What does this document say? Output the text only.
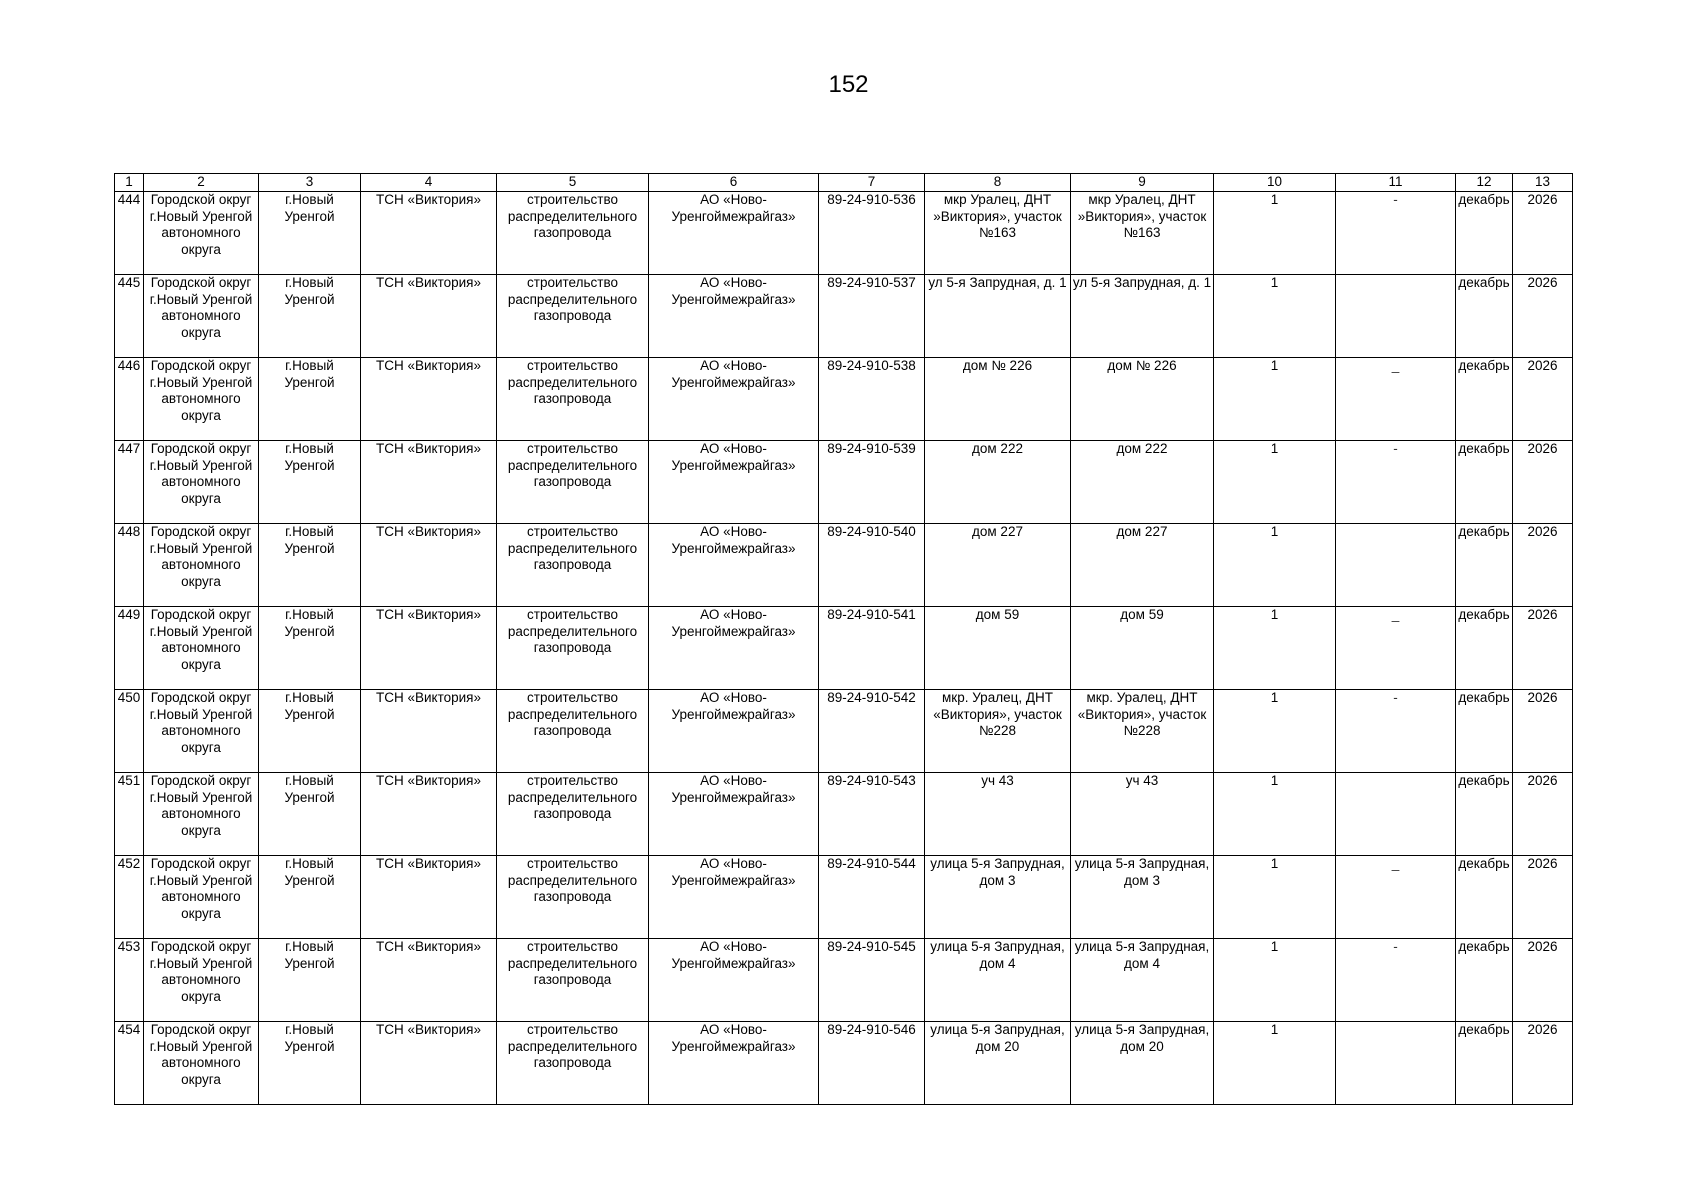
152
1	2	3	4	5	6	7	8	9	10	11	12	13
444	Городской округ г.Новый Уренгой автономного округа	г.Новый Уренгой	ТСН «Виктория»	строительство распределительного газопровода	АО «Ново-Уренгоймежрайгаз»	89-24-910-536	мкр Уралец, ДНТ »Виктория», участок №163	мкр Уралец, ДНТ »Виктория», участок №163	1	-	декабрь	2026
445	Городской округ г.Новый Уренгой автономного округа	г.Новый Уренгой	ТСН «Виктория»	строительство распределительного газопровода	АО «Ново-Уренгоймежрайгаз»	89-24-910-537	ул 5-я Запрудная, д. 1	ул 5-я Запрудная, д. 1	1		декабрь	2026
446	Городской округ г.Новый Уренгой автономного округа	г.Новый Уренгой	ТСН «Виктория»	строительство распределительного газопровода	АО «Ново-Уренгоймежрайгаз»	89-24-910-538	дом № 226	дом № 226	1	_	декабрь	2026
447	Городской округ г.Новый Уренгой автономного округа	г.Новый Уренгой	ТСН «Виктория»	строительство распределительного газопровода	АО «Ново-Уренгоймежрайгаз»	89-24-910-539	дом 222	дом 222	1	-	декабрь	2026
448	Городской округ г.Новый Уренгой автономного округа	г.Новый Уренгой	ТСН «Виктория»	строительство распределительного газопровода	АО «Ново-Уренгоймежрайгаз»	89-24-910-540	дом 227	дом 227	1		декабрь	2026
449	Городской округ г.Новый Уренгой автономного округа	г.Новый Уренгой	ТСН «Виктория»	строительство распределительного газопровода	АО «Ново-Уренгоймежрайгаз»	89-24-910-541	дом 59	дом 59	1	_	декабрь	2026
450	Городской округ г.Новый Уренгой автономного округа	г.Новый Уренгой	ТСН «Виктория»	строительство распределительного газопровода	АО «Ново-Уренгоймежрайгаз»	89-24-910-542	мкр. Уралец, ДНТ «Виктория», участок №228	мкр. Уралец, ДНТ «Виктория», участок №228	1	-	декабрь	2026
451	Городской округ г.Новый Уренгой автономного округа	г.Новый Уренгой	ТСН «Виктория»	строительство распределительного газопровода	АО «Ново-Уренгоймежрайгаз»	89-24-910-543	уч 43	уч 43	1		декабрь	2026
452	Городской округ г.Новый Уренгой автономного округа	г.Новый Уренгой	ТСН «Виктория»	строительство распределительного газопровода	АО «Ново-Уренгоймежрайгаз»	89-24-910-544	улица 5-я Запрудная, дом 3	улица 5-я Запрудная, дом 3	1	_	декабрь	2026
453	Городской округ г.Новый Уренгой автономного округа	г.Новый Уренгой	ТСН «Виктория»	строительство распределительного газопровода	АО «Ново-Уренгоймежрайгаз»	89-24-910-545	улица 5-я Запрудная, дом 4	улица 5-я Запрудная, дом 4	1	-	декабрь	2026
454	Городской округ г.Новый Уренгой автономного округа	г.Новый Уренгой	ТСН «Виктория»	строительство распределительного газопровода	АО «Ново-Уренгоймежрайгаз»	89-24-910-546	улица 5-я Запрудная, дом 20	улица 5-я Запрудная, дом 20	1		декабрь	2026
